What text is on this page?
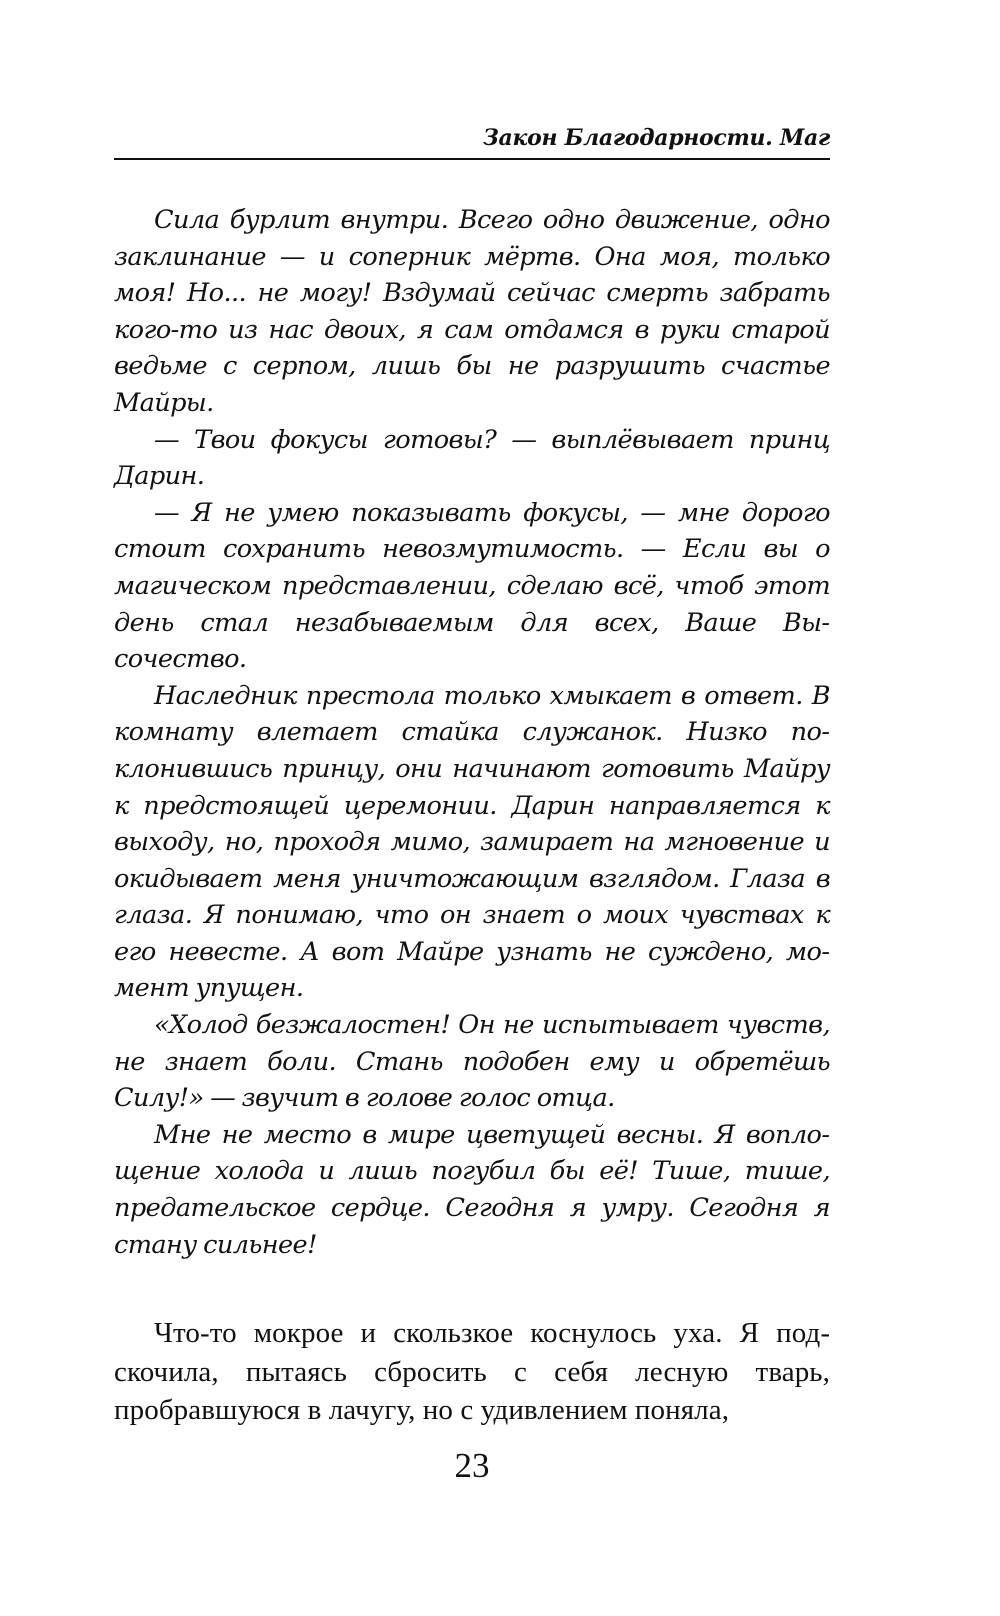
Закон Благодарности. Маг

Сила бурлит внутри. Всего одно движение, одно заклинание — и соперник мёртв. Она моя, только моя! Но... не могу! Вздумай сейчас смерть забрать кого-то из нас двоих, я сам отдамся в руки старой ведьме с серпом, лишь бы не разрушить счастье Майры.

— Твои фокусы готовы? — выплёвывает принц Дарин.

— Я не умею показывать фокусы, — мне дорого стоит сохранить невозмутимость. — Если вы о магическом представлении, сделаю всё, чтоб этот день стал незабываемым для всех, Ваше Высочество.

Наследник престола только хмыкает в ответ. В комнату влетает стайка служанок. Низко поклонившись принцу, они начинают готовить Майру к предстоящей церемонии. Дарин направляется к выходу, но, проходя мимо, замирает на мгновение и окидывает меня уничтожающим взглядом. Глаза в глаза. Я понимаю, что он знает о моих чувствах к его невесте. А вот Майре узнать не суждено, момент упущен.

«Холод безжалостен! Он не испытывает чувств, не знает боли. Стань подобен ему и обретёшь Силу!» — звучит в голове голос отца.

Мне не место в мире цветущей весны. Я воплощение холода и лишь погубил бы её! Тише, тише, предательское сердце. Сегодня я умру. Сегодня я стану сильнее!

Что-то мокрое и скользкое коснулось уха. Я подскочила, пытаясь сбросить с себя лесную тварь, пробравшуюся в лачугу, но с удивлением поняла,

23
